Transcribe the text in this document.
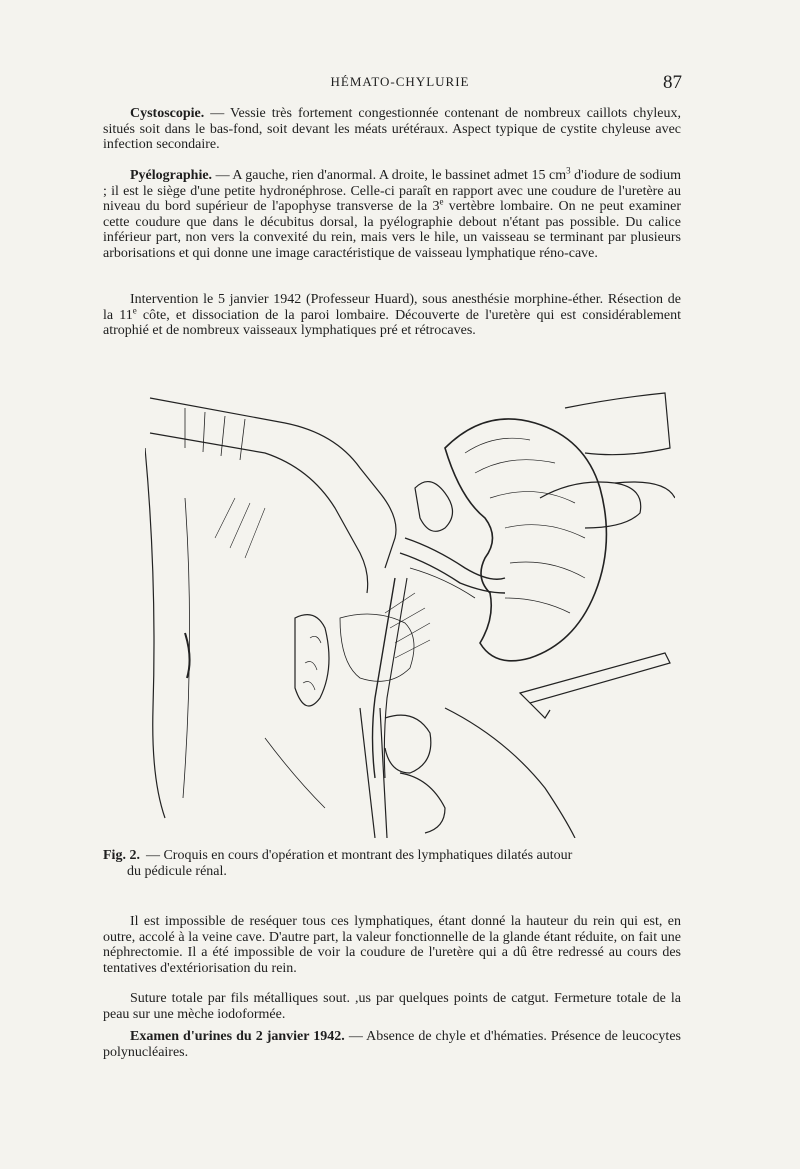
HÉMATO-CHYLURIE	87

Cystoscopie. — Vessie très fortement congestionnée contenant de nombreux caillots chyleux, situés soit dans le bas-fond, soit devant les méats urétéraux. Aspect typique de cystite chyleuse avec infection secondaire.

Pyélographie. — A gauche, rien d'anormal. A droite, le bassinet admet 15 $cm^3$ d'iodure de sodium ; il est le siège d'une petite hydronéphrose. Celle-ci paraît en rapport avec une coudure de l'uretère au niveau du bord supérieur de l'apophyse transverse de la 3e vertèbre lombaire. On ne peut examiner cette coudure que dans le décubitus dorsal, la pyélographie debout n'étant pas possible. Du calice inférieur part, non vers la convexité du rein, mais vers le hile, un vaisseau se terminant par plusieurs arborisations et qui donne une image caractéristique de vaisseau lymphatique réno-cave.

Intervention le 5 janvier 1942 (Professeur Huard), sous anesthésie morphine-éther. Résection de la 11e côte, et dissociation de la paroi lombaire. Découverte de l'uretère qui est considérablement atrophié et de nombreux vaisseaux lymphatiques pré et rétrocaves.

Fig. 2. — Croquis en cours d'opération et montrant des lymphatiques dilatés autour
du pédicule rénal.

Il est impossible de reséquer tous ces lymphatiques, étant donné la hauteur du rein qui est, en outre, accolé à la veine cave. D'autre part, la valeur fonctionnelle de la glande étant réduite, on fait une néphrectomie. Il a été impossible de voir la coudure de l'uretère qui a dû être redressé au cours des tentatives d'extériorisation du rein.

Suture totale par fils métalliques sout. ,us par quelques points de catgut. Fermeture totale de la peau sur une mèche iodoformée.

Examen d'urines du 2 janvier 1942. — Absence de chyle et d'hématies. Présence de leucocytes polynucléaires.
